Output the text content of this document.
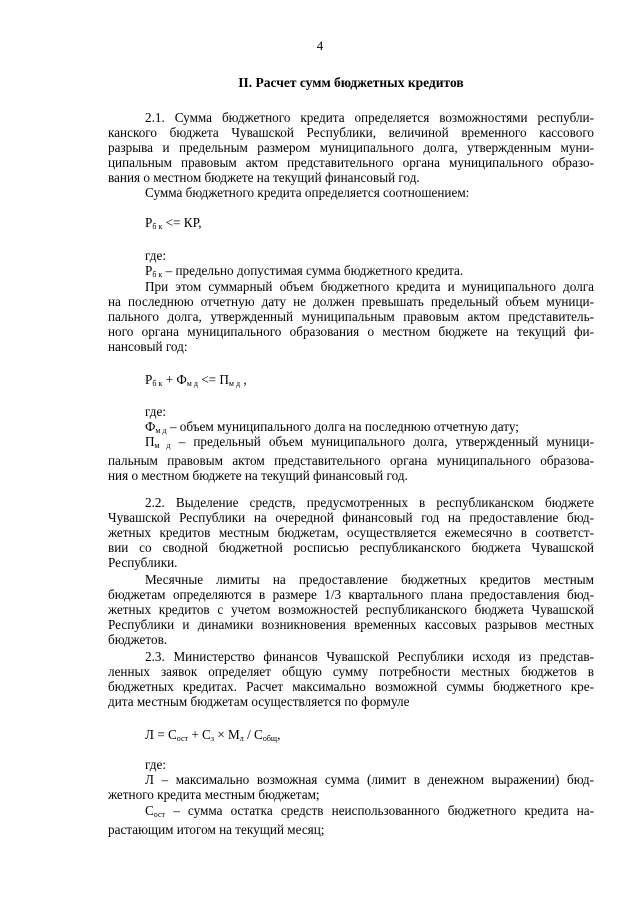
4
II. Расчет сумм бюджетных кредитов
2.1. Сумма бюджетного кредита определяется возможностями республи-
канского бюджета Чувашской Республики, величиной временного кассового
разрыва и предельным размером муниципального долга, утвержденным муни-
ципальным правовым актом представительного органа муниципального образо-
вания о местном бюджете на текущий финансовый год.
Сумма бюджетного кредита определяется соотношением:
$Р_{б к}$ <= КР,
где:
$Р_{б к}$ – предельно допустимая сумма бюджетного кредита.
При этом суммарный объем бюджетного кредита и муниципального долга
на последнюю отчетную дату не должен превышать предельный объем муници-
пального долга, утвержденный муниципальным правовым актом представитель-
ного органа муниципального образования о местном бюджете на текущий фи-
нансовый год:
$Р_{б к} + Ф_{м д} <= П_{м д}$ ,
где:
$Ф_{м д}$ – объем муниципального долга на последнюю отчетную дату;
$П_{м д}$ – предельный объем муниципального долга, утвержденный муници-
пальным правовым актом представительного органа муниципального образова-
ния о местном бюджете на текущий финансовый год.
2.2. Выделение средств, предусмотренных в республиканском бюджете
Чувашской Республики на очередной финансовый год на предоставление бюд-
жетных кредитов местным бюджетам, осуществляется ежемесячно в соответст-
вии со сводной бюджетной росписью республиканского бюджета Чувашской
Республики.
Месячные лимиты на предоставление бюджетных кредитов местным
бюджетам определяются в размере 1/3 квартального плана предоставления бюд-
жетных кредитов с учетом возможностей республиканского бюджета Чувашской
Республики и динамики возникновения временных кассовых разрывов местных
бюджетов.
2.3. Министерство финансов Чувашской Республики исходя из представ-
ленных заявок определяет общую сумму потребности местных бюджетов в
бюджетных кредитах. Расчет максимально возможной суммы бюджетного кре-
дита местным бюджетам осуществляется по формуле
$Л = С_{ост} + С_з \times М_л / С_{общ}$,
где:
Л – максимально возможная сумма (лимит в денежном выражении) бюд-
жетного кредита местным бюджетам;
$С_{ост}$ – сумма остатка средств неиспользованного бюджетного кредита на-
растающим итогом на текущий месяц;
